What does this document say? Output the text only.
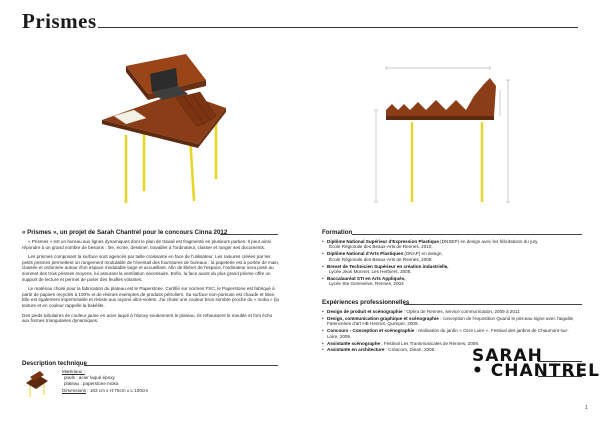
Prismes
« Prismes », un projet de Sarah Chantrel pour le concours Cinna 2012

« Prismes » est un bureau aux lignes dynamiques dont le plan de travail est fragmenté en plusieurs parties. Il peut ainsi répondre à un grand nombre de besoins : lire, écrire, dessiner, travailler à l'ordinateur, classer et ranger ses documents.

Les prismes composant la surface sont agencés par taille croissante en face de l'utilisateur. Les rainures créées par les petits prismes permettent un rangement modulable de l'éventail des fournitures de bureaux : la papeterie est à portée de main, classée et ordonnée autour d'un espace modulable large et accueillant. Afin de libérer de l'espace, l'ordinateur sera posé au sommet des trois prismes moyens, lui assurant la ventilation nécessaire. Enfin, la face avant du plus grand prisme offre un support de lecture et permet de poser des feuilles volantes.

Le matériau choisi pour la fabrication du plateau est le Paperstone. Certifié sur normes FSC, le Paperstone est fabriqué à partir de papiers recyclés à 100% et de résines exemptes de produits pétroliers. Sa surface non-poreuse est chaude et lisse. Elle est également imperméable et résiste aux rayons ultra-violets. J'ai choisi une couleur brun sombre proche du « moka » (la texture et en couleur rappelle la bakélite.

Des pieds tubulaires de couleur jaune en acier laqué à l'époxy soutiennent le plateau. Ils rehaussent le meuble et font écho aux formes triangulaires dynamiques.

Description technique
Matériaux :
pieds : acier laqué époxy
plateau : paperstone moka
Dimensions : 183 cm x H:75cm x L:100cm
Formation
• Diplôme National Supérieur d'Expression Plastique (DNSEP) en design avec les félicitations du jury,
École Régionale des Beaux-Arts de Rennes, 2010.
• Diplôme National d'Arts Plastiques (DNAP) en design,
École Régionale des Beaux-Arts de Rennes, 2008.
• Brevet de Technicien Supérieur en création industrielle,
Lycée Jean Monnet, Les Herbiers, 2006.
• Baccalauréat STI en Arts Appliqués,
Lycée Ste Geneviève, Rennes, 2004
Expériences professionnelles
• Design de produit et scénographie : Opéra de Rennes, service communication, 2009 à 2011
• Design, communication graphique et scénographie : conception de l'exposition Quand le pinceau signe avec l'aiguille, Faïenceries d'art HB Henriot, Quimper, 2009.
• Concours - Conception et scénographie : réalisation du jardin « Ocre Loire », Festival des jardins de Chaumont-sur-Loire, 2009.
• Assistante scénographe : Festival Les Transmusicales de Rennes, 2009.
• Assistante en architecture : Créacom, Dinan, 2005.	SARAH
• CHANTREL
1
